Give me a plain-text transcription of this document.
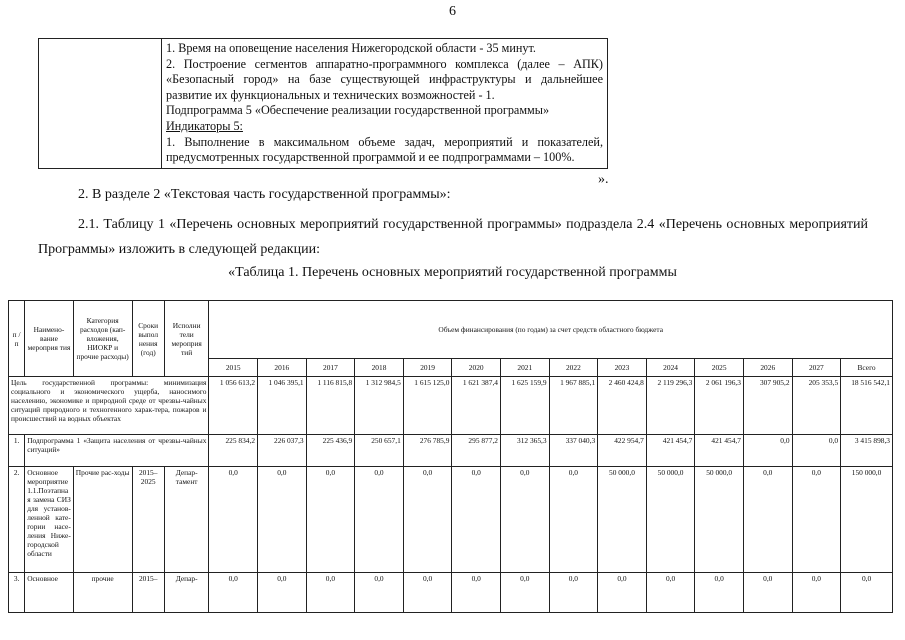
6

1. Время на оповещение населения Нижегородской области - 35 минут.
2. Построение сегментов аппаратно-программного комплекса (далее – АПК) «Безопасный город» на базе существующей инфраструктуры и дальнейшее развитие их функциональных и технических возможностей - 1.
Подпрограмма 5 «Обеспечение реализации государственной программы»
Индикаторы 5:
1. Выполнение в максимальном объеме задач, мероприятий и показателей, предусмотренных государственной программой и ее подпрограммами – 100%.
».
2. В разделе 2 «Текстовая часть государственной программы»:
2.1. Таблицу 1 «Перечень основных мероприятий государственной программы» подраздела 2.4 «Перечень основных мероприятий Программы» изложить в следующей редакции:
«Таблица 1. Перечень основных мероприятий государственной программы
п / п	Наимено-вание мероприя тия	Категория расходов (кап-вложения, НИОКР и прочие расходы)	Сроки выпол нения (год)	Исполни тели мероприя тий	Объем финансирования (по годам) за счет средств областного бюджета													
					2015	2016	2017	2018	2019	2020	2021	2022	2023	2024	2025	2026	2027	Всего
Цель государственной программы: минимизация социального и экономического ущерба, наносимого населению, экономике и природной среде от чрезвы-чайных ситуаций природного и техногенного харак-тера, пожаров и происшествий на водных объектах					1 056 613,2	1 046 395,1	1 116 815,8	1 312 984,5	1 615 125,0	1 621 387,4	1 625 159,9	1 967 885,1	2 460 424,8	2 119 296,3	2 061 196,3	307 905,2	205 353,5	18 516 542,1
1.	Подпрограмма 1 «Защита населения от чрезвы-чайных ситуаций»				225 834,2	226 037,3	225 436,9	250 657,1	276 785,9	295 877,2	312 365,3	337 040,3	422 954,7	421 454,7	421 454,7	0,0	0,0	3 415 898,3
2.	Основное мероприятие 1.1.Поэтапна я замена СИЗ для установ-ленной кате-гории насе-ления Ниже-городской области	Прочие рас-ходы	2015–2025	Депар-тамент	0,0	0,0	0,0	0,0	0,0	0,0	0,0	0,0	50 000,0	50 000,0	50 000,0	0,0	0,0	150 000,0
3.	Основное	прочие	2015–	Депар-	0,0	0,0	0,0	0,0	0,0	0,0	0,0	0,0	0,0	0,0	0,0	0,0	0,0	0,0
